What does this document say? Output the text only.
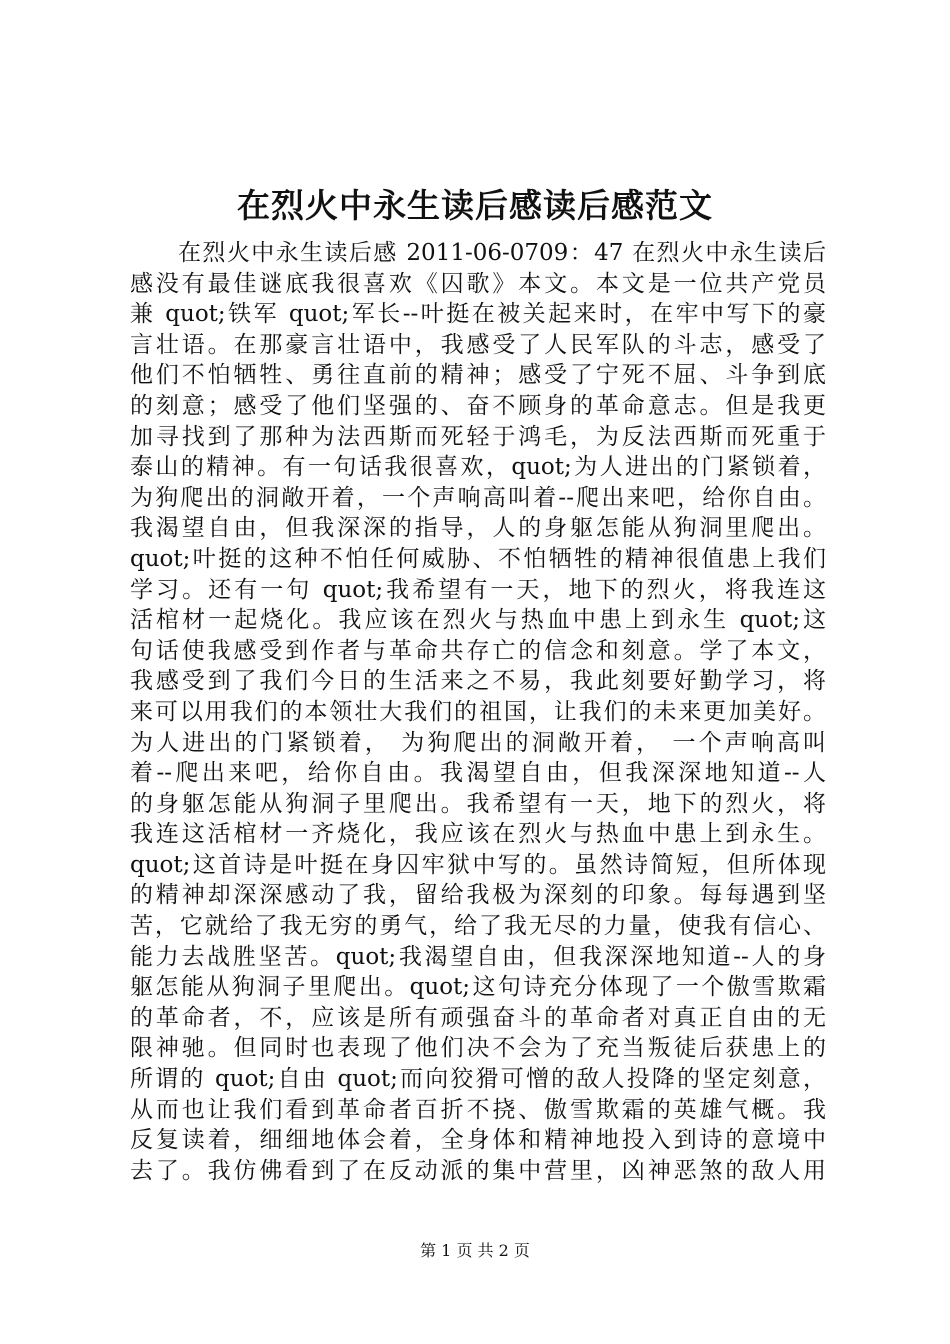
在烈火中永生读后感读后感范文
在烈火中永生读后感 2011-06-0709：47 在烈火中永生读后
感没有最佳谜底我很喜欢《囚歌》本文。本文是一位共产党员
兼 quot;铁军 quot;军长--叶挺在被关起来时，在牢中写下的豪
言壮语。在那豪言壮语中，我感受了人民军队的斗志，感受了
他们不怕牺牲、勇往直前的精神；感受了宁死不屈、斗争到底
的刻意；感受了他们坚强的、奋不顾身的革命意志。但是我更
加寻找到了那种为法西斯而死轻于鸿毛，为反法西斯而死重于
泰山的精神。有一句话我很喜欢，quot;为人进出的门紧锁着，
为狗爬出的洞敞开着，一个声响高叫着--爬出来吧，给你自由。
我渴望自由，但我深深的指导，人的身躯怎能从狗洞里爬出。
quot;叶挺的这种不怕任何威胁、不怕牺牲的精神很值患上我们
学习。还有一句 quot;我希望有一天，地下的烈火，将我连这
活棺材一起烧化。我应该在烈火与热血中患上到永生 quot;这
句话使我感受到作者与革命共存亡的信念和刻意。学了本文，
我感受到了我们今日的生活来之不易，我此刻要好勤学习，将
来可以用我们的本领壮大我们的祖国，让我们的未来更加美好。
为人进出的门紧锁着， 为狗爬出的洞敞开着， 一个声响高叫
着--爬出来吧，给你自由。我渴望自由，但我深深地知道--人
的身躯怎能从狗洞子里爬出。我希望有一天，地下的烈火，将
我连这活棺材一齐烧化，我应该在烈火与热血中患上到永生。
quot;这首诗是叶挺在身囚牢狱中写的。虽然诗简短，但所体现
的精神却深深感动了我，留给我极为深刻的印象。每每遇到坚
苦，它就给了我无穷的勇气，给了我无尽的力量，使我有信心、
能力去战胜坚苦。quot;我渴望自由，但我深深地知道--人的身
躯怎能从狗洞子里爬出。quot;这句诗充分体现了一个傲雪欺霜
的革命者，不，应该是所有顽强奋斗的革命者对真正自由的无
限神驰。但同时也表现了他们决不会为了充当叛徒后获患上的
所谓的 quot;自由 quot;而向狡猾可憎的敌人投降的坚定刻意，
从而也让我们看到革命者百折不挠、傲雪欺霜的英雄气概。我
反复读着，细细地体会着，全身体和精神地投入到诗的意境中
去了。我仿佛看到了在反动派的集中营里，凶神恶煞的敌人用
第 1 页 共 2 页
